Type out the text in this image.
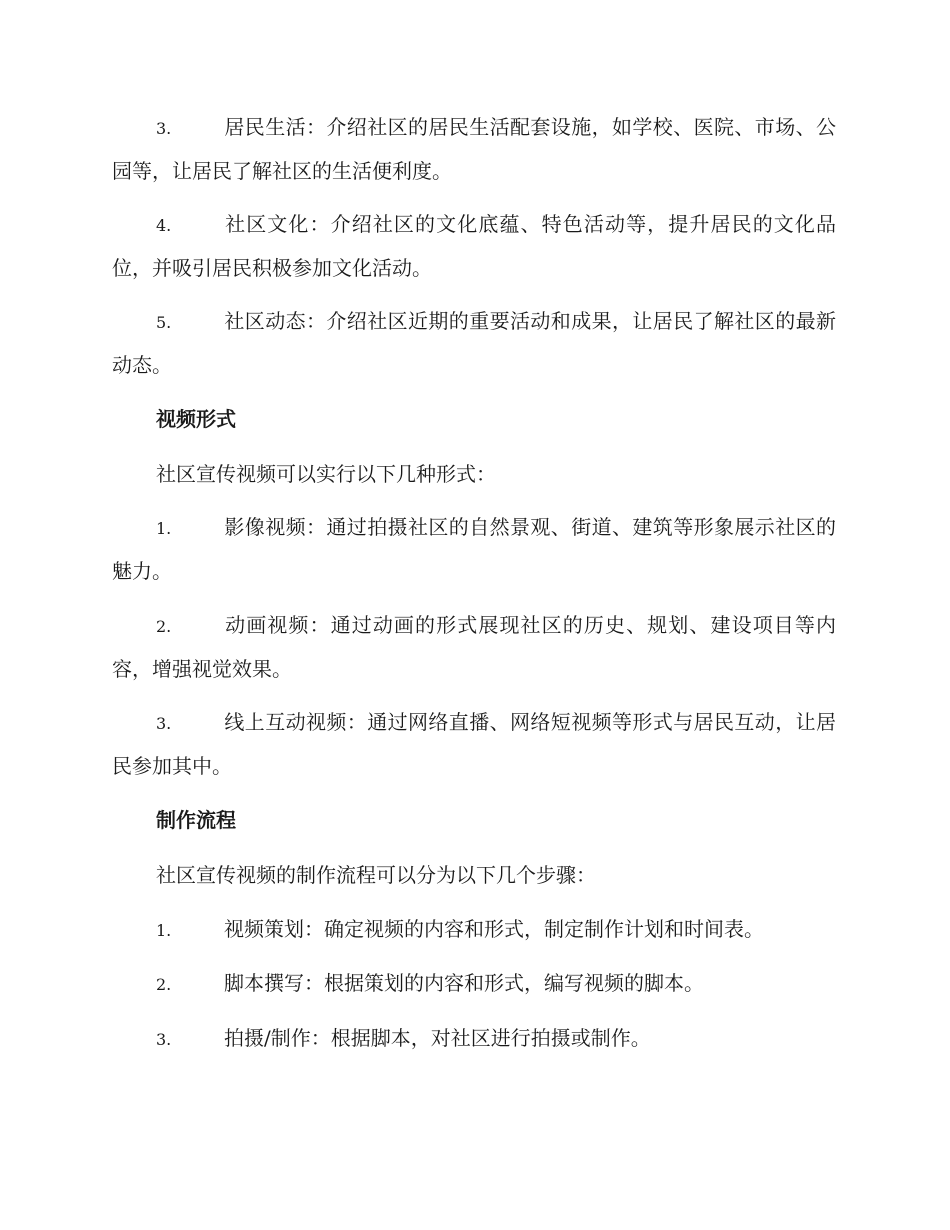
3.	居民生活：介绍社区的居民生活配套设施，如学校、医院、市场、公园等，让居民了解社区的生活便利度。
4.	社区文化：介绍社区的文化底蕴、特色活动等，提升居民的文化品位，并吸引居民积极参加文化活动。
5.	社区动态：介绍社区近期的重要活动和成果，让居民了解社区的最新动态。
视频形式
社区宣传视频可以实行以下几种形式：
1.	影像视频：通过拍摄社区的自然景观、街道、建筑等形象展示社区的魅力。
2.	动画视频：通过动画的形式展现社区的历史、规划、建设项目等内容，增强视觉效果。
3.	线上互动视频：通过网络直播、网络短视频等形式与居民互动，让居民参加其中。
制作流程
社区宣传视频的制作流程可以分为以下几个步骤：
1.	视频策划：确定视频的内容和形式，制定制作计划和时间表。
2.	脚本撰写：根据策划的内容和形式，编写视频的脚本。
3.	拍摄/制作：根据脚本，对社区进行拍摄或制作。
